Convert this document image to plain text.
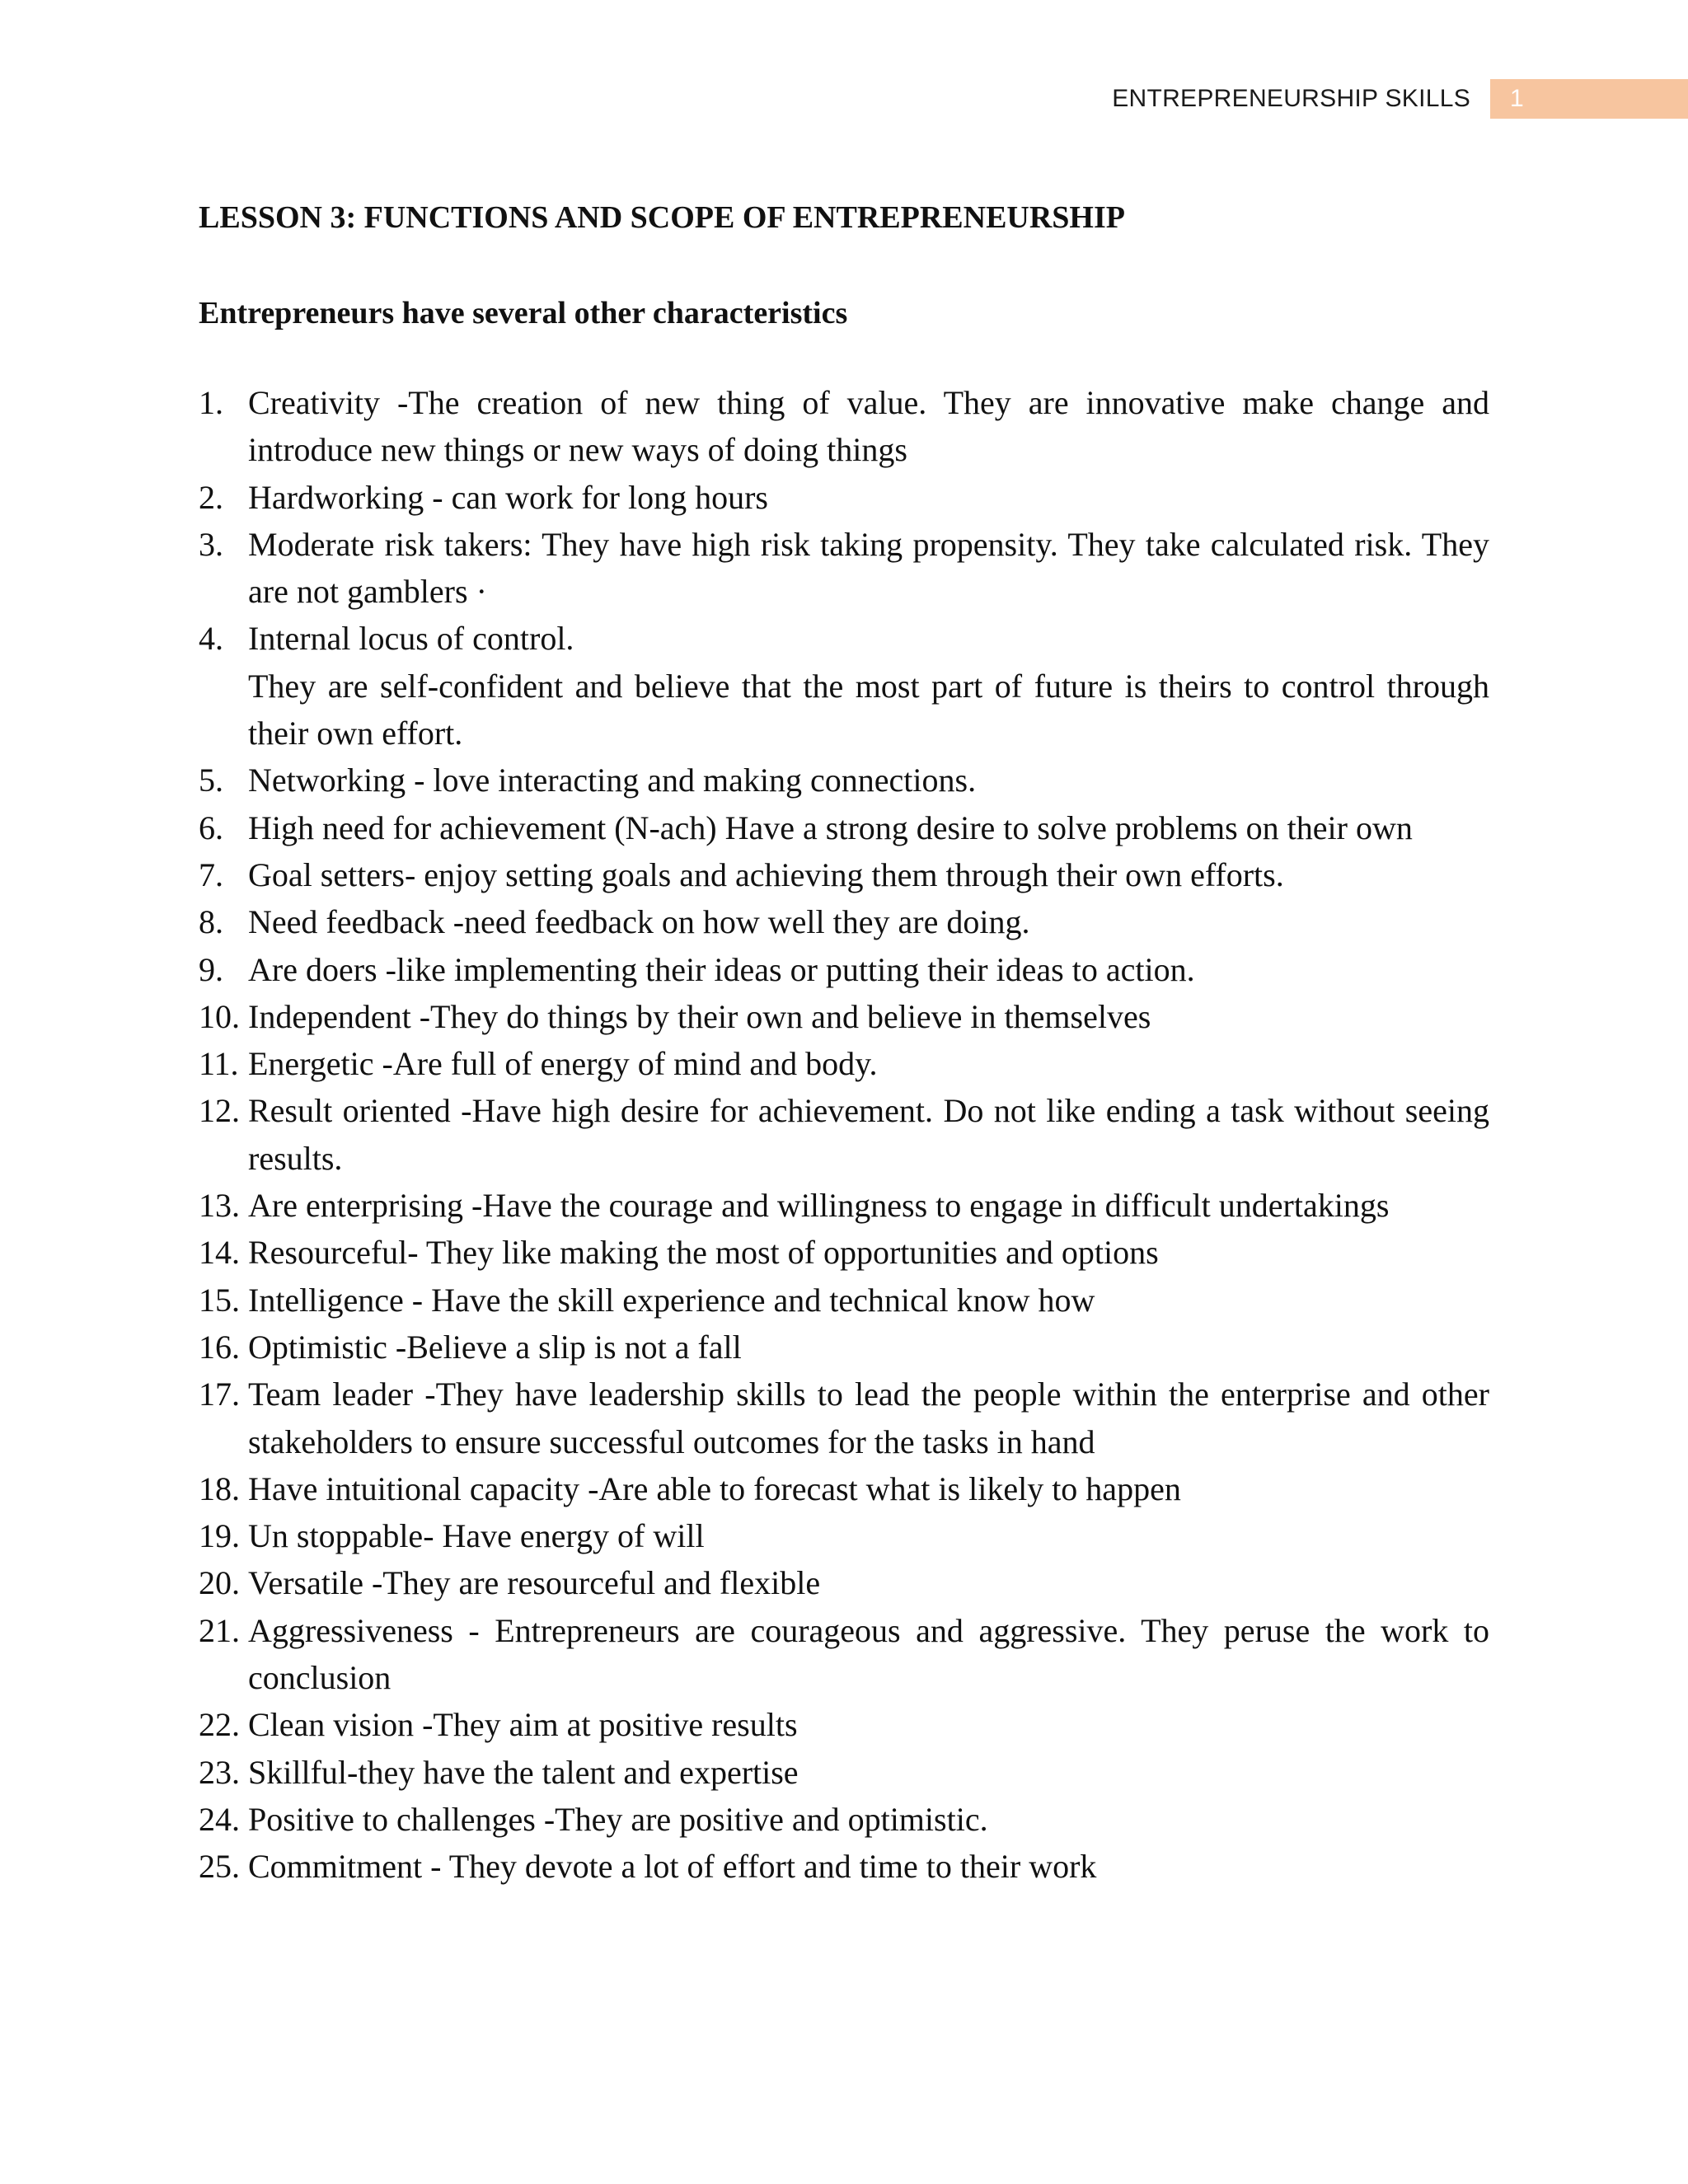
ENTREPRENEURSHIP SKILLS	1
LESSON 3: FUNCTIONS AND SCOPE OF ENTREPRENEURSHIP
Entrepreneurs have several other characteristics
1. Creativity -The creation of new thing of value. They are innovative make change and introduce new things or new ways of doing things
2. Hardworking - can work for long hours
3. Moderate risk takers: They have high risk taking propensity. They take calculated risk. They are not gamblers ·
4. Internal locus of control.
They are self-confident and believe that the most part of future is theirs to control through their own effort.
5. Networking - love interacting and making connections.
6. High need for achievement (N-ach) Have a strong desire to solve problems on their own
7. Goal setters- enjoy setting goals and achieving them through their own efforts.
8. Need feedback -need feedback on how well they are doing.
9. Are doers -like implementing their ideas or putting their ideas to action.
10. Independent -They do things by their own and believe in themselves
11. Energetic -Are full of energy of mind and body.
12. Result oriented -Have high desire for achievement. Do not like ending a task without seeing results.
13. Are enterprising -Have the courage and willingness to engage in difficult undertakings
14. Resourceful- They like making the most of opportunities and options
15. Intelligence - Have the skill experience and technical know how
16. Optimistic -Believe a slip is not a fall
17. Team leader -They have leadership skills to lead the people within the enterprise and other stakeholders to ensure successful outcomes for the tasks in hand
18. Have intuitional capacity -Are able to forecast what is likely to happen
19. Un stoppable- Have energy of will
20. Versatile -They are resourceful and flexible
21. Aggressiveness - Entrepreneurs are courageous and aggressive. They peruse the work to conclusion
22. Clean vision -They aim at positive results
23. Skillful-they have the talent and expertise
24. Positive to challenges -They are positive and optimistic.
25. Commitment - They devote a lot of effort and time to their work
